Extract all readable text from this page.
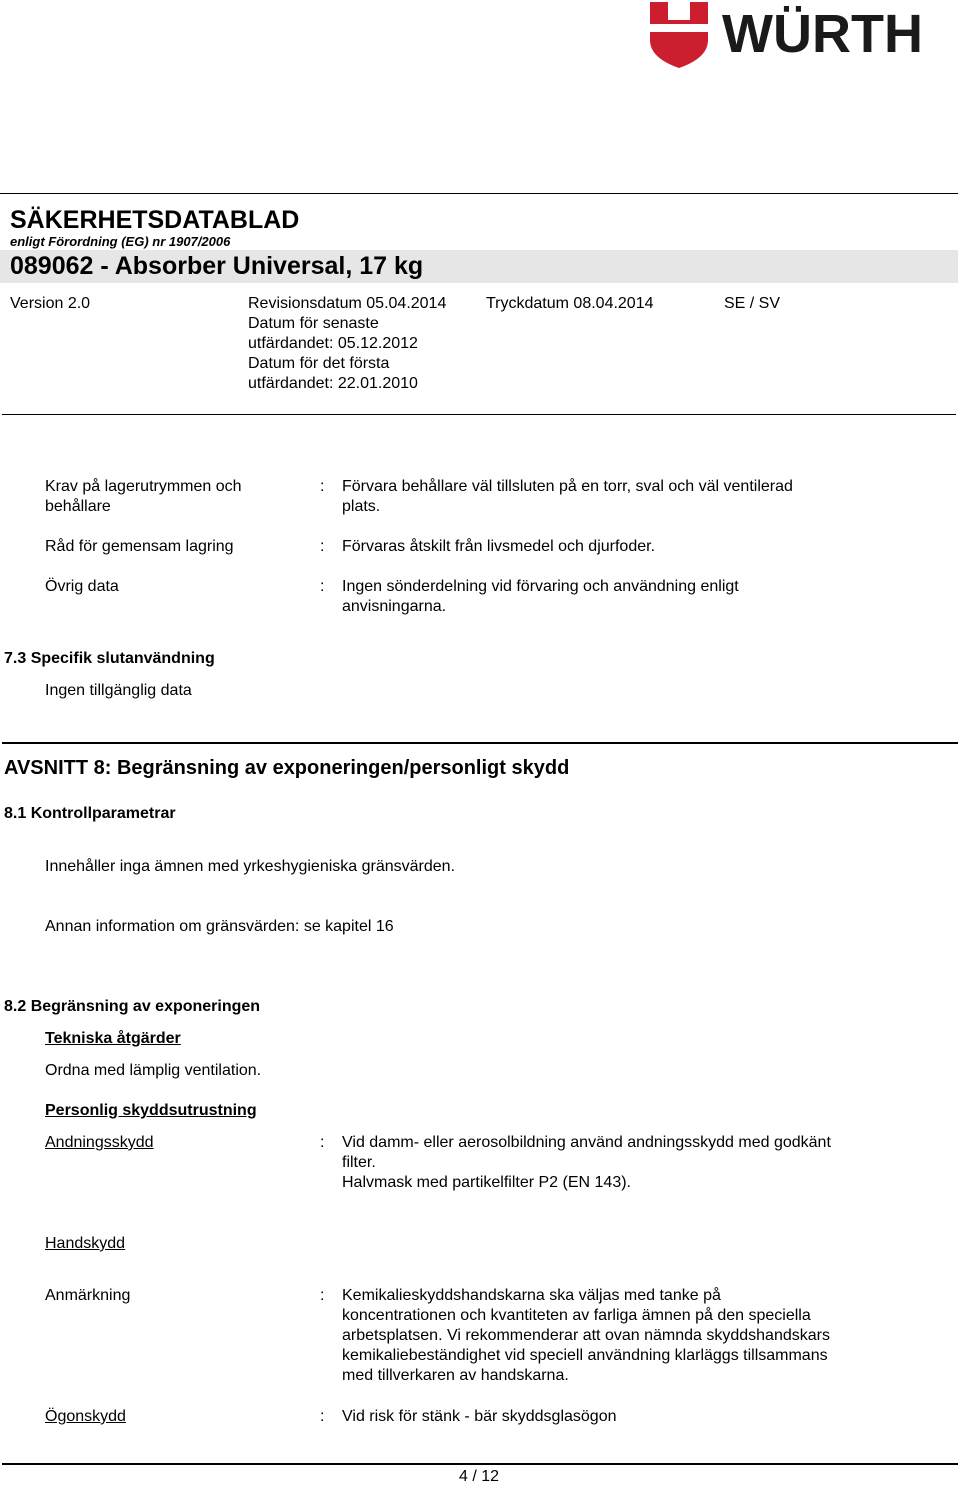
WÜRTH
SÄKERHETSDATABLAD
enligt Förordning (EG) nr 1907/2006
089062 - Absorber Universal, 17 kg
Version 2.0	Revisionsdatum 05.04.2014
Datum för senaste
utfärdandet: 05.12.2012
Datum för det första
utfärdandet: 22.01.2010
Tryckdatum 08.04.2014	SE / SV
Krav på lagerutrymmen och
behållare
: Förvara behållare väl tillsluten på en torr, sval och väl ventilerad
plats.
Råd för gemensam lagring	: Förvaras åtskilt från livsmedel och djurfoder.
Övrig data	: Ingen sönderdelning vid förvaring och användning enligt
anvisningarna.
7.3 Specifik slutanvändning
Ingen tillgänglig data
AVSNITT 8: Begränsning av exponeringen/personligt skydd
8.1 Kontrollparametrar
Innehåller inga ämnen med yrkeshygieniska gränsvärden.
Annan information om gränsvärden: se kapitel 16
8.2 Begränsning av exponeringen
Tekniska åtgärder
Ordna med lämplig ventilation.
Personlig skyddsutrustning
Andningsskydd	: Vid damm- eller aerosolbildning använd andningsskydd med godkänt
filter.
Halvmask med partikelfilter P2 (EN 143).
Handskydd
Anmärkning	: Kemikalieskyddshandskarna ska väljas med tanke på
koncentrationen och kvantiteten av farliga ämnen på den speciella
arbetsplatsen. Vi rekommenderar att ovan nämnda skyddshandskars
kemikaliebeständighet vid speciell användning klarläggs tillsammans
med tillverkaren av handskarna.
Ögonskydd	: Vid risk för stänk - bär skyddsglasögon
4 / 12
